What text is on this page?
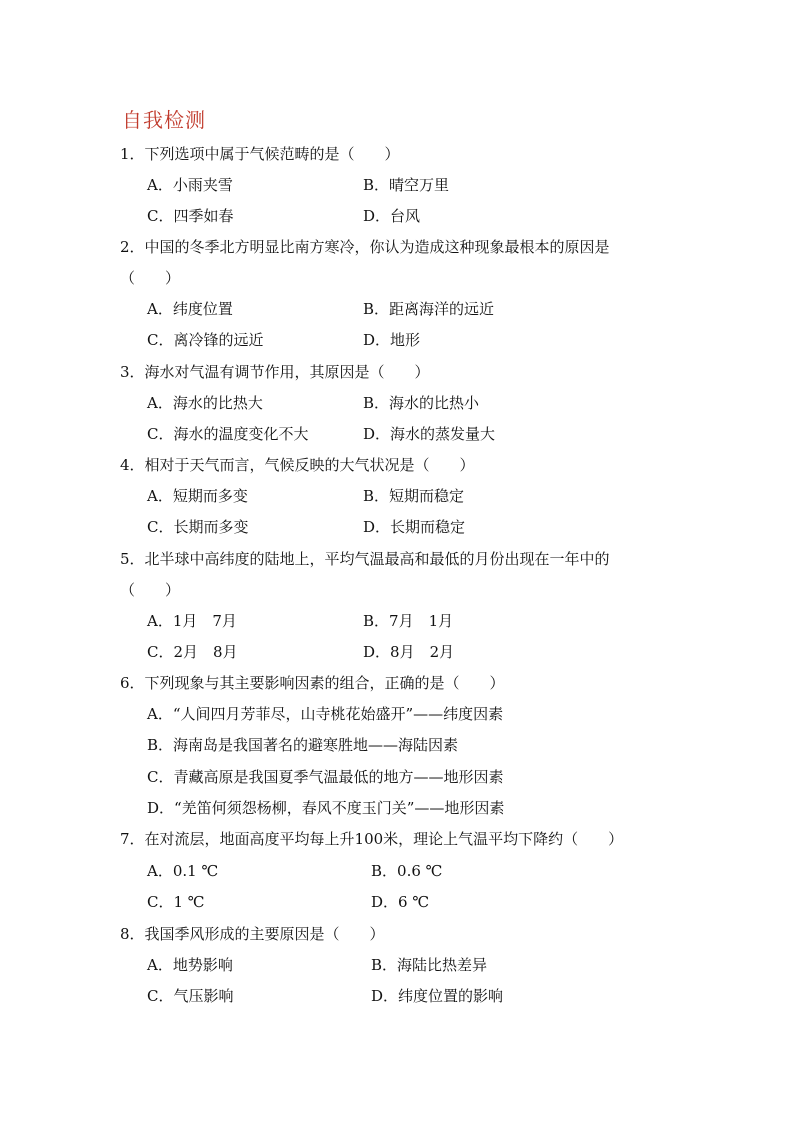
自我检测
1．下列选项中属于气候范畴的是（　　）
A．小雨夹雪	B．晴空万里
C．四季如春	D．台风
2．中国的冬季北方明显比南方寒冷，你认为造成这种现象最根本的原因是
（　　）
A．纬度位置	B．距离海洋的远近
C．离冷锋的远近	D．地形
3．海水对气温有调节作用，其原因是（　　）
A．海水的比热大	B．海水的比热小
C．海水的温度变化不大	D．海水的蒸发量大
4．相对于天气而言，气候反映的大气状况是（　　）
A．短期而多变	B．短期而稳定
C．长期而多变	D．长期而稳定
5．北半球中高纬度的陆地上，平均气温最高和最低的月份出现在一年中的
（　　）
A．1月　7月	B．7月　1月
C．2月　8月	D．8月　2月
6．下列现象与其主要影响因素的组合，正确的是（　　）
A．“人间四月芳菲尽，山寺桃花始盛开”——纬度因素
B．海南岛是我国著名的避寒胜地——海陆因素
C．青藏高原是我国夏季气温最低的地方——地形因素
D．“羌笛何须怨杨柳，春风不度玉门关”——地形因素
7．在对流层，地面高度平均每上升100米，理论上气温平均下降约（　　）
A．0.1 ℃	B．0.6 ℃
C．1 ℃	D．6 ℃
8．我国季风形成的主要原因是（　　）
A．地势影响	B．海陆比热差异
C．气压影响	D．纬度位置的影响
